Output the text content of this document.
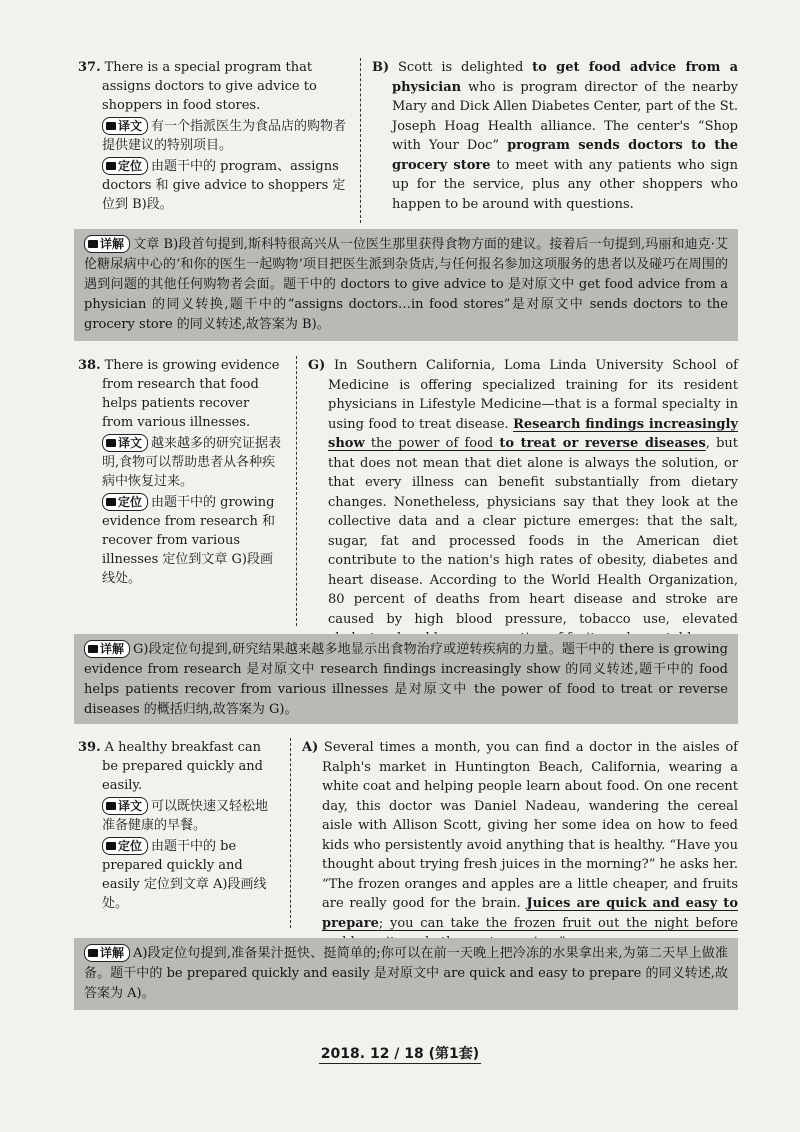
37. There is a special program that assigns doctors to give advice to shoppers in food stores.
译文 有一个指派医生为食品店的购物者提供建议的特别项目。
定位 由题干中的 program、assigns doctors 和 give advice to shoppers 定位到 B)段。
B) Scott is delighted to get food advice from a physician who is program director of the nearby Mary and Dick Allen Diabetes Center, part of the St. Joseph Hoag Health alliance. The center's “Shop with Your Doc” program sends doctors to the grocery store to meet with any patients who sign up for the service, plus any other shoppers who happen to be around with questions.
详解 文章 B)段首句提到,斯科特很高兴从一位医生那里获得食物方面的建议。接着后一句提到,玛丽和迪克·艾伦糖尿病中心的‘和你的医生一起购物’项目把医生派到杂货店,与任何报名参加这项服务的患者以及碰巧在周围的遇到问题的其他任何购物者会面。题干中的 doctors to give advice to 是对原文中 get food advice from a physician 的同义转换,题干中的“assigns doctors…in food stores”是对原文中 sends doctors to the grocery store 的同义转述,故答案为 B)。
38. There is growing evidence from research that food helps patients recover from various illnesses.
译文 越来越多的研究证据表明,食物可以帮助患者从各种疾病中恢复过来。
定位 由题干中的 growing evidence from research 和 recover from various illnesses 定位到文章 G)段画线处。
G) In Southern California, Loma Linda University School of Medicine is offering specialized training for its resident physicians in Lifestyle Medicine—that is a formal specialty in using food to treat disease. Research findings increasingly show the power of food to treat or reverse diseases, but that does not mean that diet alone is always the solution, or that every illness can benefit substantially from dietary changes. Nonetheless, physicians say that they look at the collective data and a clear picture emerges: that the salt, sugar, fat and processed foods in the American diet contribute to the nation's high rates of obesity, diabetes and heart disease. According to the World Health Organization, 80 percent of deaths from heart disease and stroke are caused by high blood pressure, tobacco use, elevated
详解 G)段定位句提到,研究结果越来越多地显示出食物治疗或逆转疾病的力量。题干中的 there is growing evidence from research 是对原文中 research findings increasingly show 的同义转述,题干中的 food helps patients recover from various illnesses 是对原文中 the power of food to treat or reverse diseases 的概括归纳,故答案为 G)。
39. A healthy breakfast can be prepared quickly and easily.
译文 可以既快速又轻松地准备健康的早餐。
定位 由题干中的 be prepared quickly and easily 定位到文章 A)段画线处。
A) Several times a month, you can find a doctor in the aisles of Ralph's market in Huntington Beach, California, wearing a white coat and helping people learn about food. On one recent day, this doctor was Daniel Nadeau, wandering the cereal aisle with Allison Scott, giving her some idea on how to feed kids who persistently avoid anything that is healthy. “Have you thought about trying fresh juices in the morning?” he asks her. “The frozen oranges and apples are a little cheaper, and fruits are really good for the brain. Juices are quick and easy to prepare; you can take the frozen fruit out the night before
详解 A)段定位句提到,准备果汁挺快、挺简单的;你可以在前一天晚上把冷冻的水果拿出来,为第二天早上做准备。题干中的 be prepared quickly and easily 是对原文中 are quick and easy to prepare 的同义转述,故答案为 A)。
2018. 12 / 18 (第1套)
